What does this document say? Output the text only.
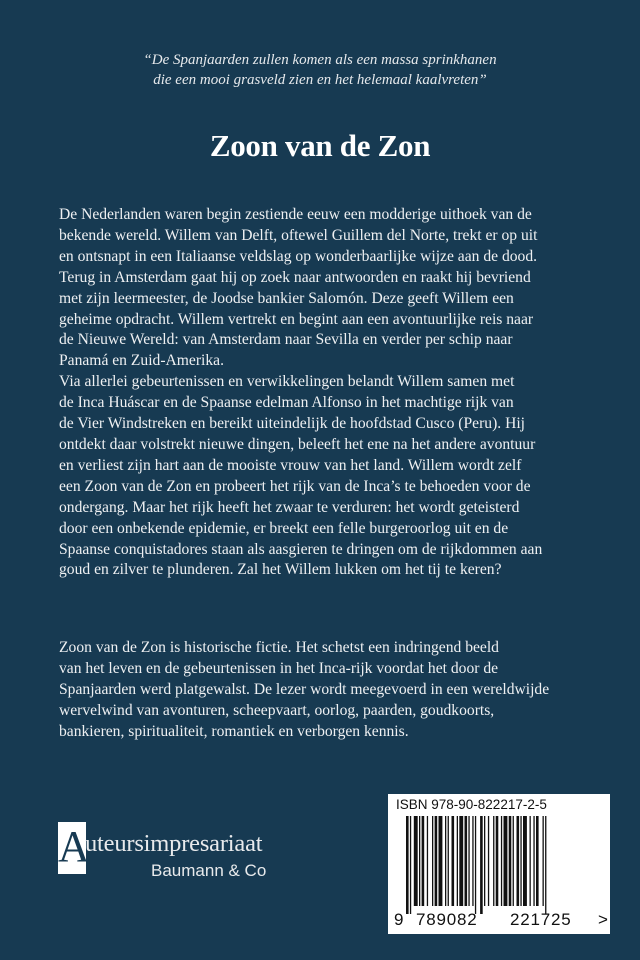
“De Spanjaarden zullen komen als een massa sprinkhanen
die een mooi grasveld zien en het helemaal kaalvreten”
Zoon van de Zon
De Nederlanden waren begin zestiende eeuw een modderige uithoek van de
bekende wereld. Willem van Delft, oftewel Guillem del Norte, trekt er op uit
en ontsnapt in een Italiaanse veldslag op wonderbaarlijke wijze aan de dood.
Terug in Amsterdam gaat hij op zoek naar antwoorden en raakt hij bevriend
met zijn leermeester, de Joodse bankier Salomón. Deze geeft Willem een
geheime opdracht. Willem vertrekt en begint aan een avontuurlijke reis naar
de Nieuwe Wereld: van Amsterdam naar Sevilla en verder per schip naar
Panamá en Zuid-Amerika.
Via allerlei gebeurtenissen en verwikkelingen belandt Willem samen met
de Inca Huáscar en de Spaanse edelman Alfonso in het machtige rijk van
de Vier Windstreken en bereikt uiteindelijk de hoofdstad Cusco (Peru). Hij
ontdekt daar volstrekt nieuwe dingen, beleeft het ene na het andere avontuur
en verliest zijn hart aan de mooiste vrouw van het land. Willem wordt zelf
een Zoon van de Zon en probeert het rijk van de Inca’s te behoeden voor de
ondergang. Maar het rijk heeft het zwaar te verduren: het wordt geteisterd
door een onbekende epidemie, er breekt een felle burgeroorlog uit en de
Spaanse conquistadores staan als aasgieren te dringen om de rijkdommen aan
goud en zilver te plunderen. Zal het Willem lukken om het tij te keren?
Zoon van de Zon is historische fictie. Het schetst een indringend beeld
van het leven en de gebeurtenissen in het Inca-rijk voordat het door de
Spanjaarden werd platgewalst. De lezer wordt meegevoerd in een wereldwijde
wervelwind van avonturen, scheepvaart, oorlog, paarden, goudkoorts,
bankieren, spiritualiteit, romantiek en verborgen kennis.
A
uteursimpresariaat
Baumann & Co
ISBN 978-90-822217-2-5
9 789082 221725 >
